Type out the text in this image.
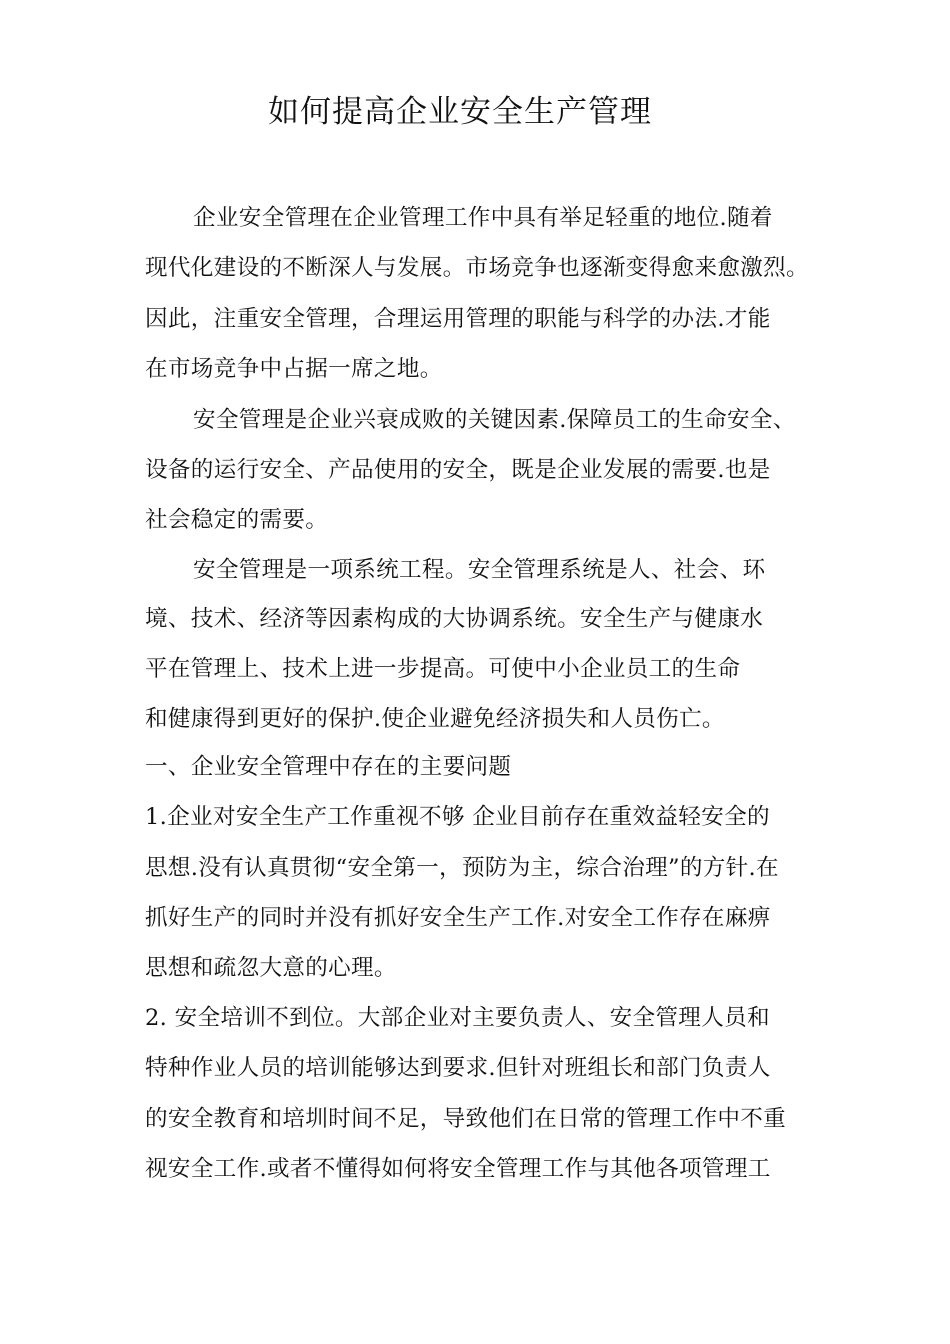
如何提高企业安全生产管理
企业安全管理在企业管理工作中具有举足轻重的地位.随着
现代化建设的不断深人与发展。市场竞争也逐渐变得愈来愈激烈。
因此，注重安全管理，合理运用管理的职能与科学的办法.才能
在市场竞争中占据一席之地。
安全管理是企业兴衰成败的关键因素.保障员工的生命安全、
设备的运行安全、产品使用的安全，既是企业发展的需要.也是
社会稳定的需要。
安全管理是一项系统工程。安全管理系统是人、社会、环
境、技术、经济等因素构成的大协调系统。安全生产与健康水
平在管理上、技术上进一步提高。可使中小企业员工的生命
和健康得到更好的保护.使企业避免经济损失和人员伤亡。
一、企业安全管理中存在的主要问题
1.企业对安全生产工作重视不够 企业目前存在重效益轻安全的
思想.没有认真贯彻“安全第一，预防为主，综合治理”的方针.在
抓好生产的同时并没有抓好安全生产工作.对安全工作存在麻痹
思想和疏忽大意的心理。
2. 安全培训不到位。大部企业对主要负责人、安全管理人员和
特种作业人员的培训能够达到要求.但针对班组长和部门负责人
的安全教育和培圳时间不足，导致他们在日常的管理工作中不重
视安全工作.或者不懂得如何将安全管理工作与其他各项管理工
